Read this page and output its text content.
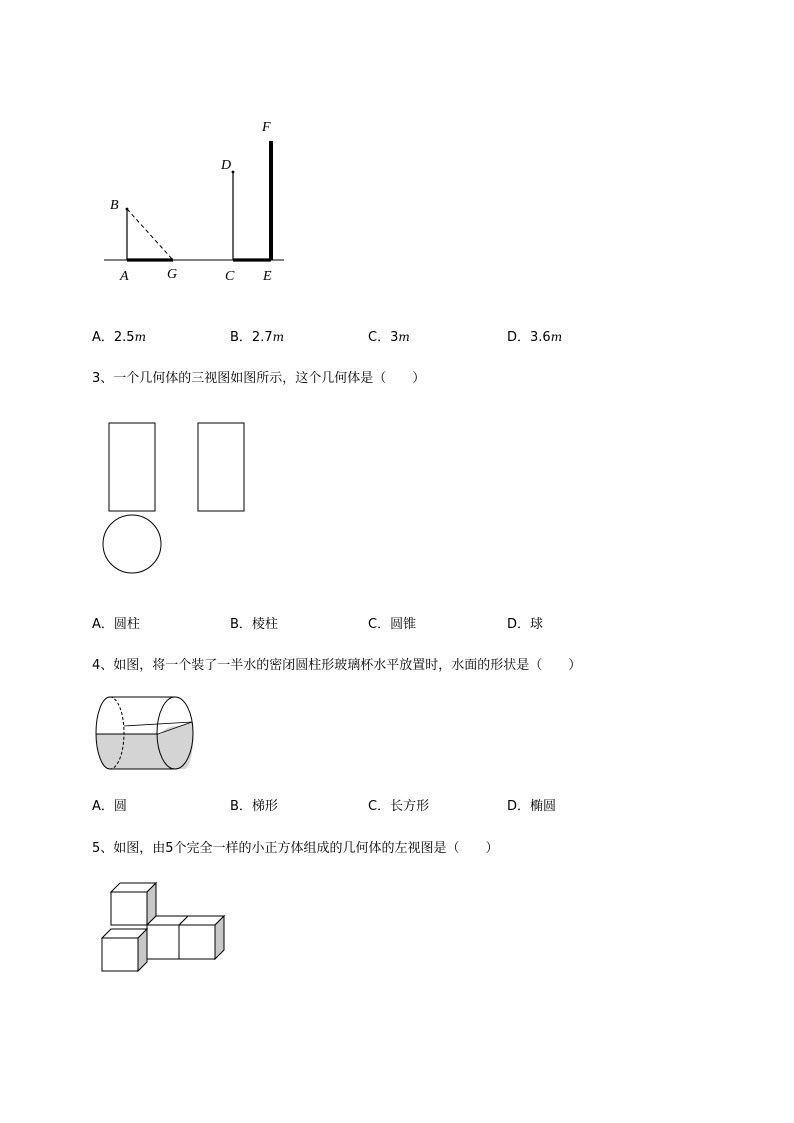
F
D
B
A	G	C E
A．2.5m	B．2.7m	C．3m	D．3.6m
3、一个几何体的三视图如图所示，这个几何体是（　　）
A．圆柱	B．棱柱	C．圆锥	D．球
4、如图，将一个装了一半水的密闭圆柱形玻璃杯水平放置时，水面的形状是（　　）
A．圆	B．梯形	C．长方形	D．椭圆
5、如图，由5个完全一样的小正方体组成的几何体的左视图是（　　）
